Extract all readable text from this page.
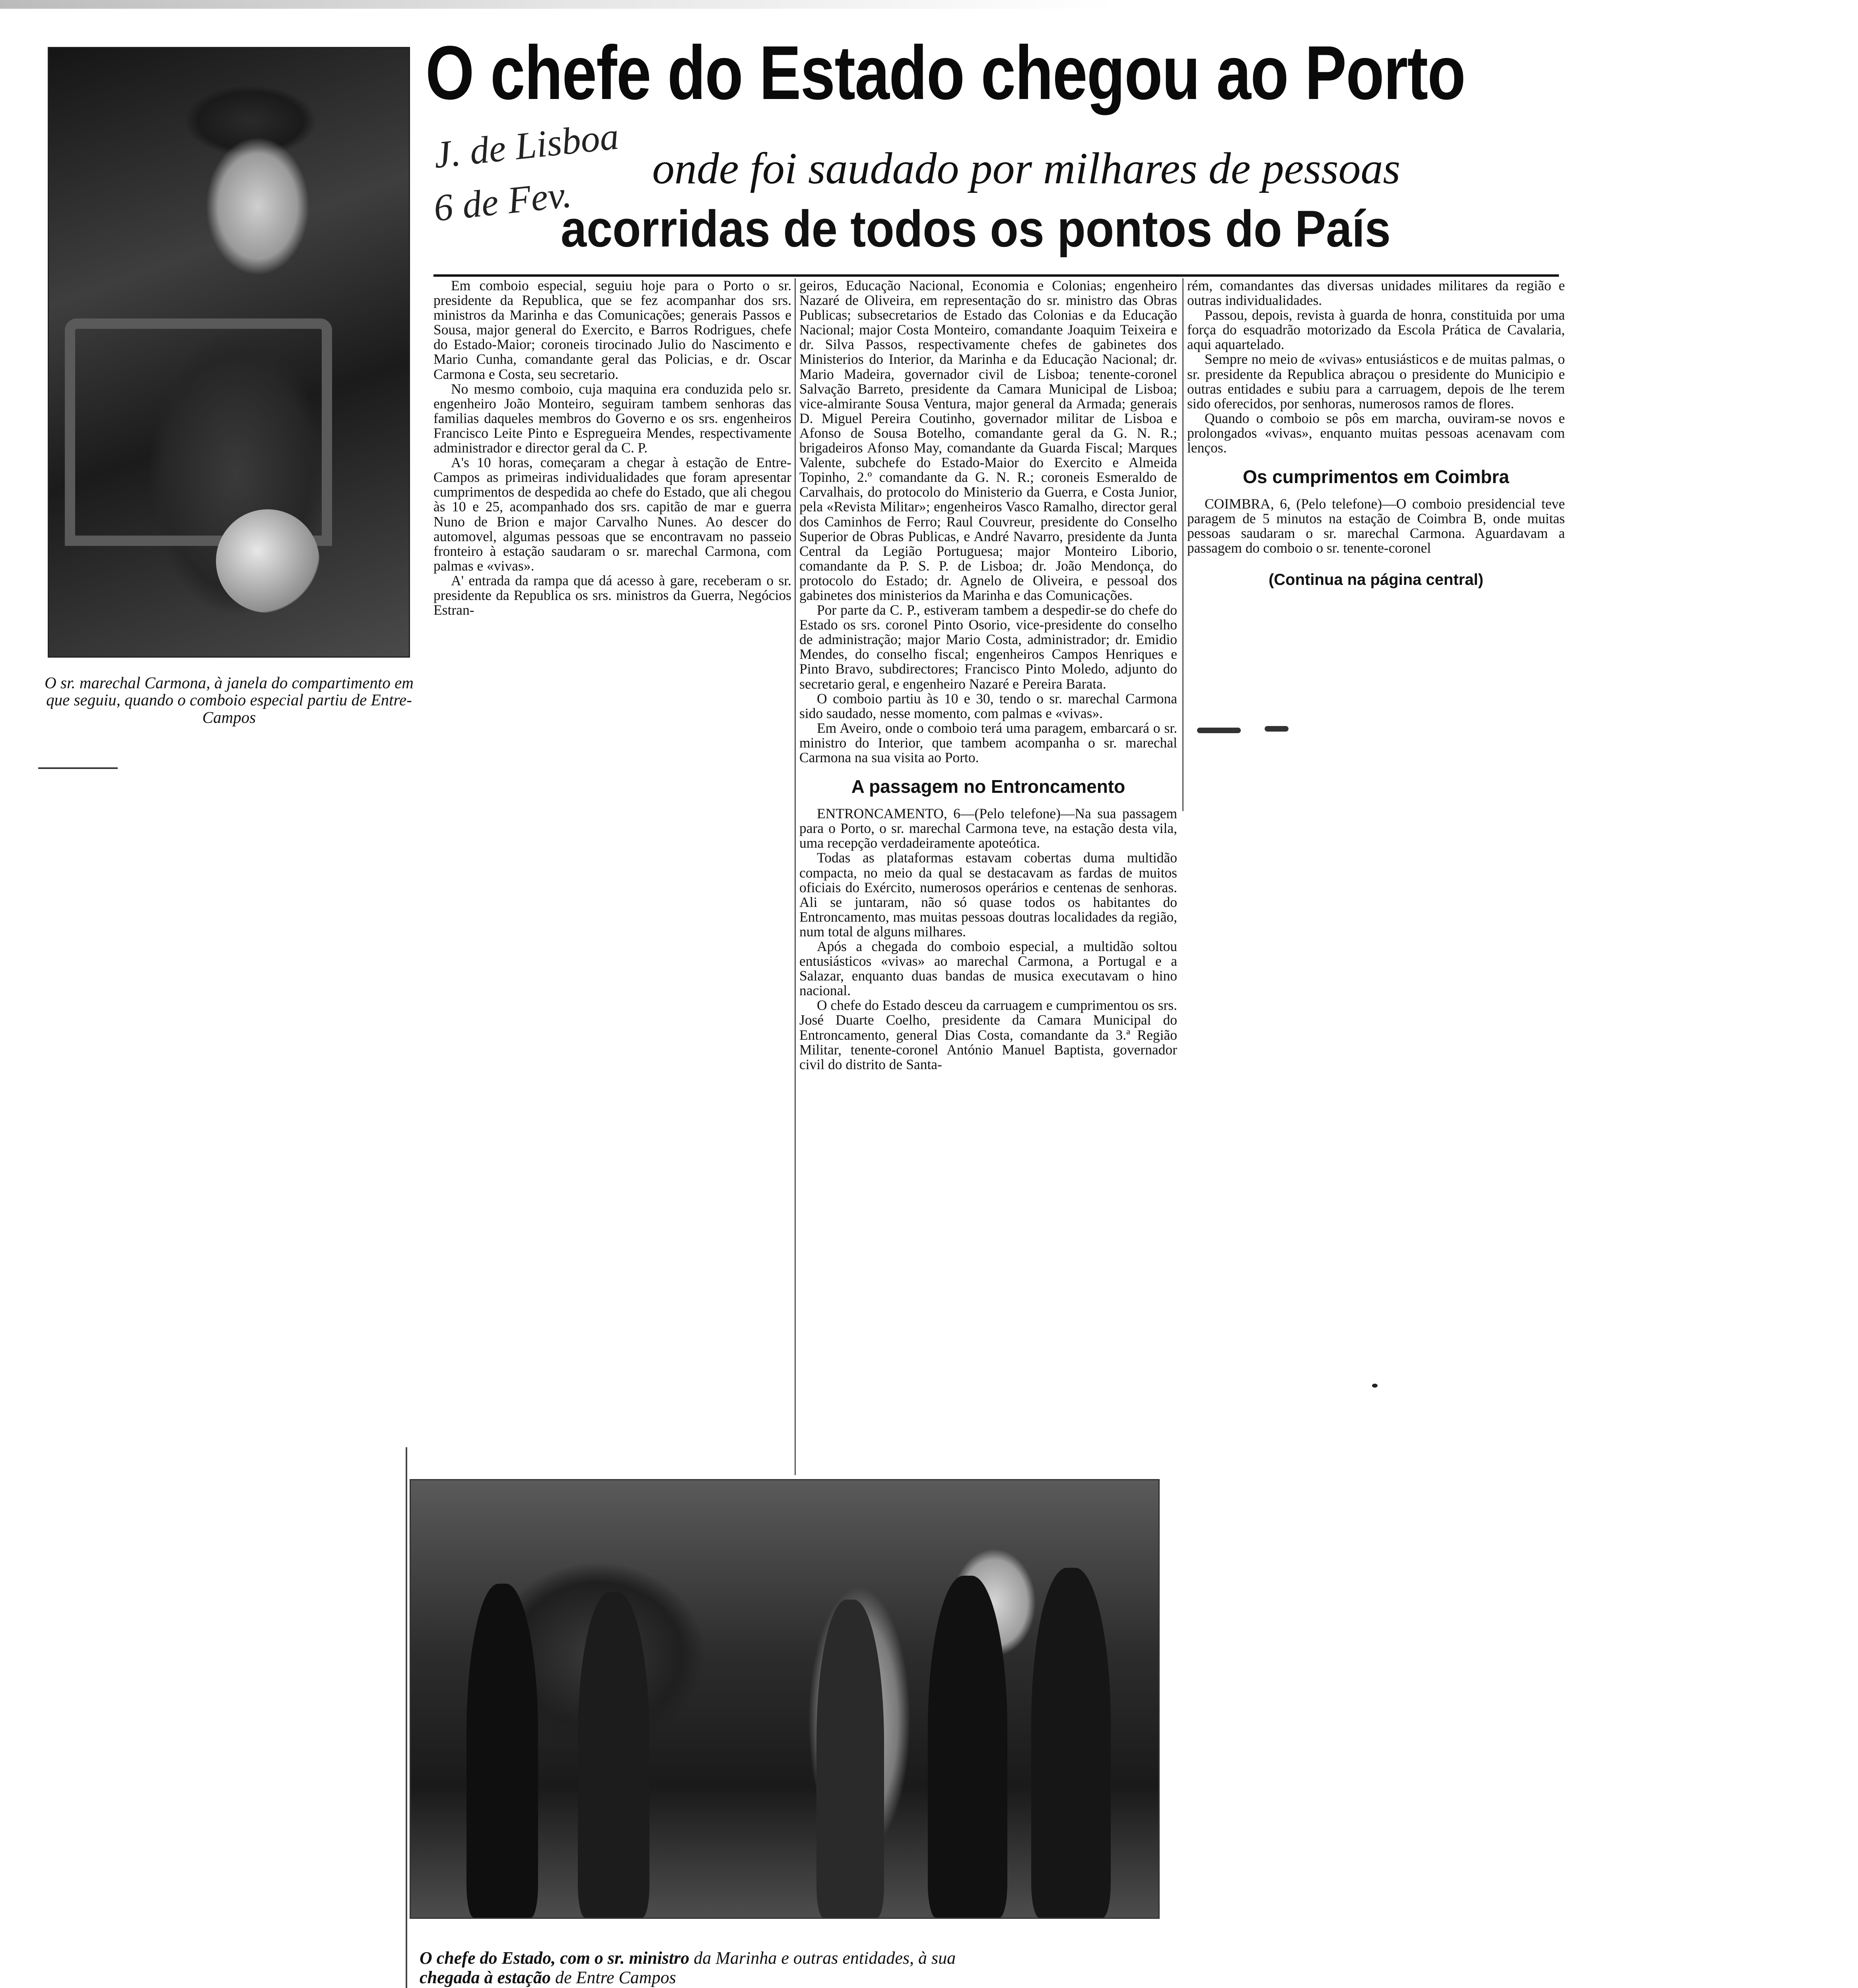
O sr. marechal Carmona, à janela do compartimento em que seguiu, quando o comboio especial partiu de Entre-Campos
O chefe do Estado chegou ao Porto
J. de Lisboa onde foi saudado por milhares de pessoas
6 de Fev.
acorridas de todos os pontos do País

Em comboio especial, seguiu hoje para o Porto o sr. presidente da Republica, que se fez acompanhar dos srs. ministros da Marinha e das Comunicações; generais Passos e Sousa, major general do Exercito, e Barros Rodrigues, chefe do Estado-Maior; coroneis tirocinado Julio do Nascimento e Mario Cunha, comandante geral das Policias, e dr. Oscar Carmona e Costa, seu secretario.

No mesmo comboio, cuja maquina era conduzida pelo sr. engenheiro João Monteiro, seguiram tambem senhoras das familias daqueles membros do Governo e os srs. engenheiros Francisco Leite Pinto e Espregueira Mendes, respectivamente administrador e director geral da C. P.

A's 10 horas, começaram a chegar à estação de Entre-Campos as primeiras individualidades que foram apresentar cumprimentos de despedida ao chefe do Estado, que ali chegou às 10 e 25, acompanhado dos srs. capitão de mar e guerra Nuno de Brion e major Carvalho Nunes. Ao descer do automovel, algumas pessoas que se encontravam no passeio fronteiro à estação saudaram o sr. marechal Carmona, com palmas e «vivas».

A' entrada da rampa que dá acesso à gare, receberam o sr. presidente da Republica os srs. ministros da Guerra, Negócios Estran-

geiros, Educação Nacional, Economia e Colonias; engenheiro Nazaré de Oliveira, em representação do sr. ministro das Obras Publicas; subsecretarios de Estado das Colonias e da Educação Nacional; major Costa Monteiro, comandante Joaquim Teixeira e dr. Silva Passos, respectivamente chefes de gabinetes dos Ministerios do Interior, da Marinha e da Educação Nacional; dr. Mario Madeira, governador civil de Lisboa; tenente-coronel Salvação Barreto, presidente da Camara Municipal de Lisboa; vice-almirante Sousa Ventura, major general da Armada; generais D. Miguel Pereira Coutinho, governador militar de Lisboa e Afonso de Sousa Botelho, comandante geral da G. N. R.; brigadeiros Afonso May, comandante da Guarda Fiscal; Marques Valente, subchefe do Estado-Maior do Exercito e Almeida Topinho, 2.º comandante da G. N. R.; coroneis Esmeraldo de Carvalhais, do protocolo do Ministerio da Guerra, e Costa Junior, pela «Revista Militar»; engenheiros Vasco Ramalho, director geral dos Caminhos de Ferro; Raul Couvreur, presidente do Conselho Superior de Obras Publicas, e André Navarro, presidente da Junta Central da Legião Portuguesa; major Monteiro Liborio, comandante da P. S. P. de Lisboa; dr. João Mendonça, do protocolo do Estado; dr. Agnelo de Oliveira, e pessoal dos gabinetes dos ministerios da Marinha e das Comunicações.

Por parte da C. P., estiveram tambem a despedir-se do chefe do Estado os srs. coronel Pinto Osorio, vice-presidente do conselho de administração; major Mario Costa, administrador; dr. Emidio Mendes, do conselho fiscal; engenheiros Campos Henriques e Pinto Bravo, subdirectores; Francisco Pinto Moledo, adjunto do secretario geral, e engenheiro Nazaré e Pereira Barata.

O comboio partiu às 10 e 30, tendo o sr. marechal Carmona sido saudado, nesse momento, com palmas e «vivas».

Em Aveiro, onde o comboio terá uma paragem, embarcará o sr. ministro do Interior, que tambem acompanha o sr. marechal Carmona na sua visita ao Porto.

A passagem no Entroncamento

ENTRONCAMENTO, 6—(Pelo telefone)—Na sua passagem para o Porto, o sr. marechal Carmona teve, na estação desta vila, uma recepção verdadeiramente apoteótica.

Todas as plataformas estavam cobertas duma multidão compacta, no meio da qual se destacavam as fardas de muitos oficiais do Exército, numerosos operários e centenas de senhoras. Ali se juntaram, não só quase todos os habitantes do Entroncamento, mas muitas pessoas doutras localidades da região, num total de alguns milhares.

Após a chegada do comboio especial, a multidão soltou entusiásticos «vivas» ao marechal Carmona, a Portugal e a Salazar, enquanto duas bandas de musica executavam o hino nacional.

O chefe do Estado desceu da carruagem e cumprimentou os srs. José Duarte Coelho, presidente da Camara Municipal do Entroncamento, general Dias Costa, comandante da 3.ª Região Militar, tenente-coronel António Manuel Baptista, governador civil do distrito de Santa-

rém, comandantes das diversas unidades militares da região e outras individualidades.

Passou, depois, revista à guarda de honra, constituida por uma força do esquadrão motorizado da Escola Prática de Cavalaria, aqui aquartelado.

Sempre no meio de «vivas» entusiásticos e de muitas palmas, o sr. presidente da Republica abraçou o presidente do Municipio e outras entidades e subiu para a carruagem, depois de lhe terem sido oferecidos, por senhoras, numerosos ramos de flores.

Quando o comboio se pôs em marcha, ouviram-se novos e prolongados «vivas», enquanto muitas pessoas acenavam com lenços.

Os cumprimentos em Coimbra

COIMBRA, 6, (Pelo telefone)—O comboio presidencial teve paragem de 5 minutos na estação de Coimbra B, onde muitas pessoas saudaram o sr. marechal Carmona. Aguardavam a passagem do comboio o sr. tenente-coronel

(Continua na página central)
O chefe do Estado, com o sr. ministro da Marinha e outras entidades, à sua
chegada à estação de Entre Campos
